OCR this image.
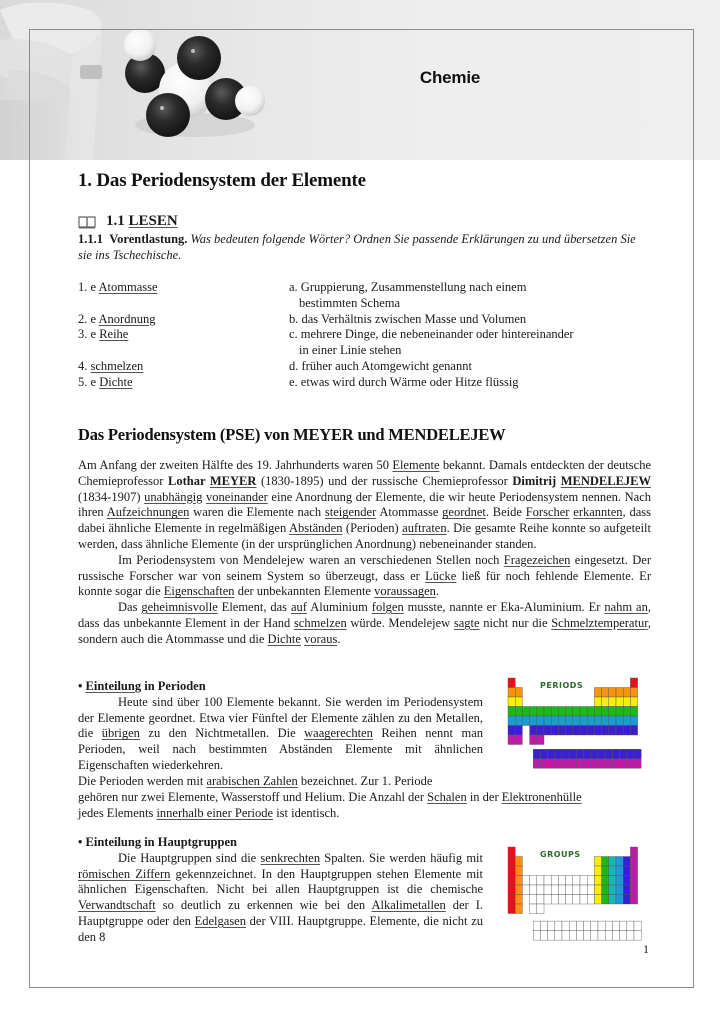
Chemie
1. Das Periodensystem der Elemente
1.1 LESEN
1.1.1 Vorentlastung. Was bedeuten folgende Wörter? Ordnen Sie passende Erklärungen zu und übersetzen Sie sie ins Tschechische.
1. e Atommasse	a. Gruppierung, Zusammenstellung nach einem
bestimmten Schema
2. e Anordnung	b. das Verhältnis zwischen Masse und Volumen
3. e Reihe	c. mehrere Dinge, die nebeneinander oder hintereinander
in einer Linie stehen
4. schmelzen	d. früher auch Atomgewicht genannt
5. e Dichte	e. etwas wird durch Wärme oder Hitze flüssig
Das Periodensystem (PSE) von MEYER und MENDELEJEW

Am Anfang der zweiten Hälfte des 19. Jahrhunderts waren 50 Elemente bekannt. Damals entdeckten der deutsche Chemieprofessor Lothar MEYER (1830-1895) und der russische Chemieprofessor Dimitrij MENDELEJEW (1834-1907) unabhängig voneinander eine Anordnung der Elemente, die wir heute Periodensystem nennen. Nach ihren Aufzeichnungen waren die Elemente nach steigender Atommasse geordnet. Beide Forscher erkannten, dass dabei ähnliche Elemente in regelmäßigen Abständen (Perioden) auftraten. Die gesamte Reihe konnte so aufgeteilt werden, dass ähnliche Elemente (in der ursprünglichen Anordnung) nebeneinander standen.

Im Periodensystem von Mendelejew waren an verschiedenen Stellen noch Fragezeichen eingesetzt. Der russische Forscher war von seinem System so überzeugt, dass er Lücke ließ für noch fehlende Elemente. Er konnte sogar die Eigenschaften der unbekannten Elemente voraussagen.

Das geheimnisvolle Element, das auf Aluminium folgen musste, nannte er Eka-Aluminium. Er nahm an, dass das unbekannte Element in der Hand schmelzen würde. Mendelejew sagte nicht nur die Schmelztemperatur, sondern auch die Atommasse und die Dichte voraus.

• Einteilung in Perioden

Heute sind über 100 Elemente bekannt. Sie werden im Periodensystem der Elemente geordnet. Etwa vier Fünftel der Elemente zählen zu den Metallen, die übrigen zu den Nichtmetallen. Die waagerechten Reihen nennt man Perioden, weil nach bestimmten Abständen Elemente mit ähnlichen Eigenschaften wiederkehren.

Die Perioden werden mit arabischen Zahlen bezeichnet. Zur 1. Periode

gehören nur zwei Elemente, Wasserstoff und Helium. Die Anzahl der Schalen in der Elektronenhülle

jedes Elements innerhalb einer Periode ist identisch.

PERIODS
• Einteilung in Hauptgruppen

Die Hauptgruppen sind die senkrechten Spalten. Sie werden häufig mit römischen Ziffern gekennzeichnet. In den Hauptgruppen stehen Elemente mit ähnlichen Eigenschaften. Nicht bei allen Hauptgruppen ist die chemische Verwandtschaft so deutlich zu erkennen wie bei den Alkalimetallen der I. Hauptgruppe oder den Edelgasen der VIII. Hauptgruppe. Elemente, die nicht zu den 8

GROUPS
1
